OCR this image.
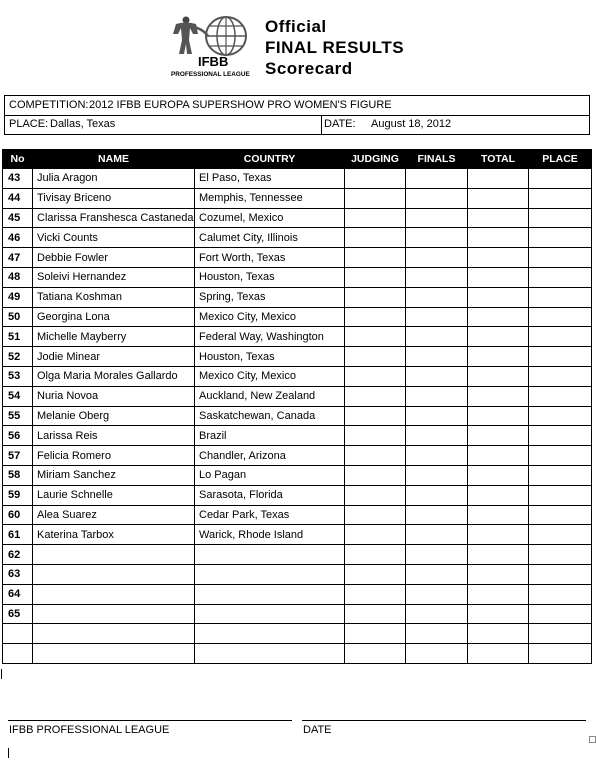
IFBB
PROFESSIONAL LEAGUE
Official
FINAL RESULTS
Scorecard
COMPETITION: 2012 IFBB EUROPA SUPERSHOW PRO WOMEN'S FIGURE
PLACE: Dallas, Texas	DATE: August 18, 2012
No	NAME	COUNTRY	JUDGING	FINALS	TOTAL	PLACE
43	Julia Aragon	El Paso, Texas				
44	Tivisay Briceno	Memphis, Tennessee				
45	Clarissa Franshesca Castaneda	Cozumel, Mexico				
46	Vicki Counts	Calumet City, Illinois				
47	Debbie Fowler	Fort Worth, Texas				
48	Soleivi Hernandez	Houston, Texas				
49	Tatiana Koshman	Spring, Texas				
50	Georgina Lona	Mexico City, Mexico				
51	Michelle Mayberry	Federal Way, Washington				
52	Jodie Minear	Houston, Texas				
53	Olga Maria Morales Gallardo	Mexico City, Mexico				
54	Nuria Novoa	Auckland, New Zealand				
55	Melanie Oberg	Saskatchewan, Canada				
56	Larissa Reis	Brazil				
57	Felicia Romero	Chandler, Arizona				
58	Miriam Sanchez	Lo Pagan				
59	Laurie Schnelle	Sarasota, Florida				
60	Alea Suarez	Cedar Park, Texas				
61	Katerina Tarbox	Warick, Rhode Island				
62						
63						
64						
65						

IFBB PROFESSIONAL LEAGUE	DATE
